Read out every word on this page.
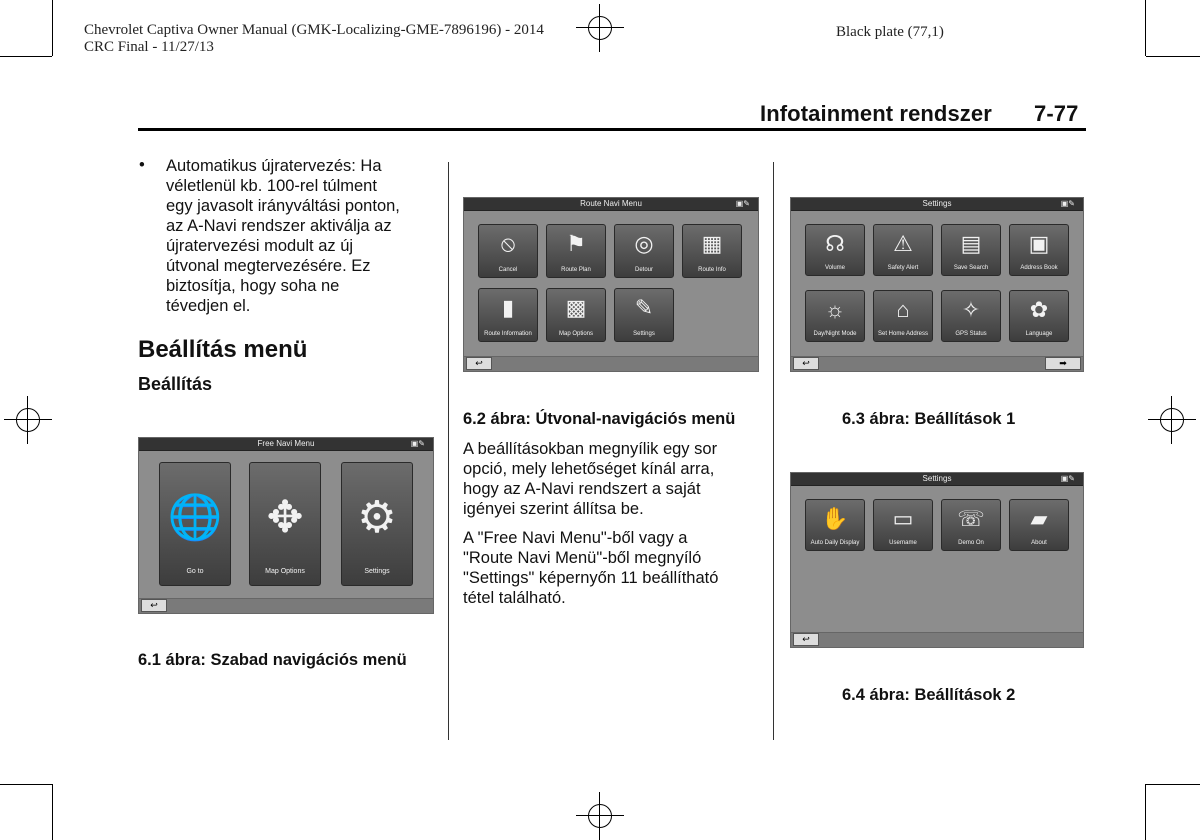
Chevrolet Captiva Owner Manual (GMK-Localizing-GME-7896196) - 2014
CRC Final - 11/27/13
Black plate (77,1)
Infotainment rendszer 7-77
• Automatikus újratervezés: Ha
véletlenül kb. 100-rel túlment
egy javasolt irányváltási ponton,
az A-Navi rendszer aktiválja az
újratervezési modult az új
útvonal megtervezésére. Ez
biztosítja, hogy soha ne
tévedjen el.
Beállítás menü
Beállítás
Free Navi Menu	▣✎
🌐
Go to
✥
Map Options
⚙
Settings
↩
6.1 ábra: Szabad navigációs menü
Route Navi Menu	▣✎
⦸
Cancel
⚑
Route Plan
◎
Detour
▦
Route Info
▮
Route Information
▩
Map Options
✎
Settings
↩
6.2 ábra: Útvonal-navigációs menü
A beállításokban megnyílik egy sor
opció, mely lehetőséget kínál arra,
hogy az A-Navi rendszert a saját
igényei szerint állítsa be.
A "Free Navi Menu"-ből vagy a
"Route Navi Menü"-ből megnyíló
"Settings" képernyőn 11 beállítható
tétel található.
Settings	▣✎
☊
Volume
⚠
Safety Alert
▤
Save Search
▣
Address Book
☼
Day/Night Mode
⌂
Set Home Address
✧
GPS Status
✿
Language
↩	➡
6.3 ábra: Beállítások 1
Settings	▣✎
✋
Auto Daily Display
▭
Username
☏
Demo On
▰
About
↩
6.4 ábra: Beállítások 2
